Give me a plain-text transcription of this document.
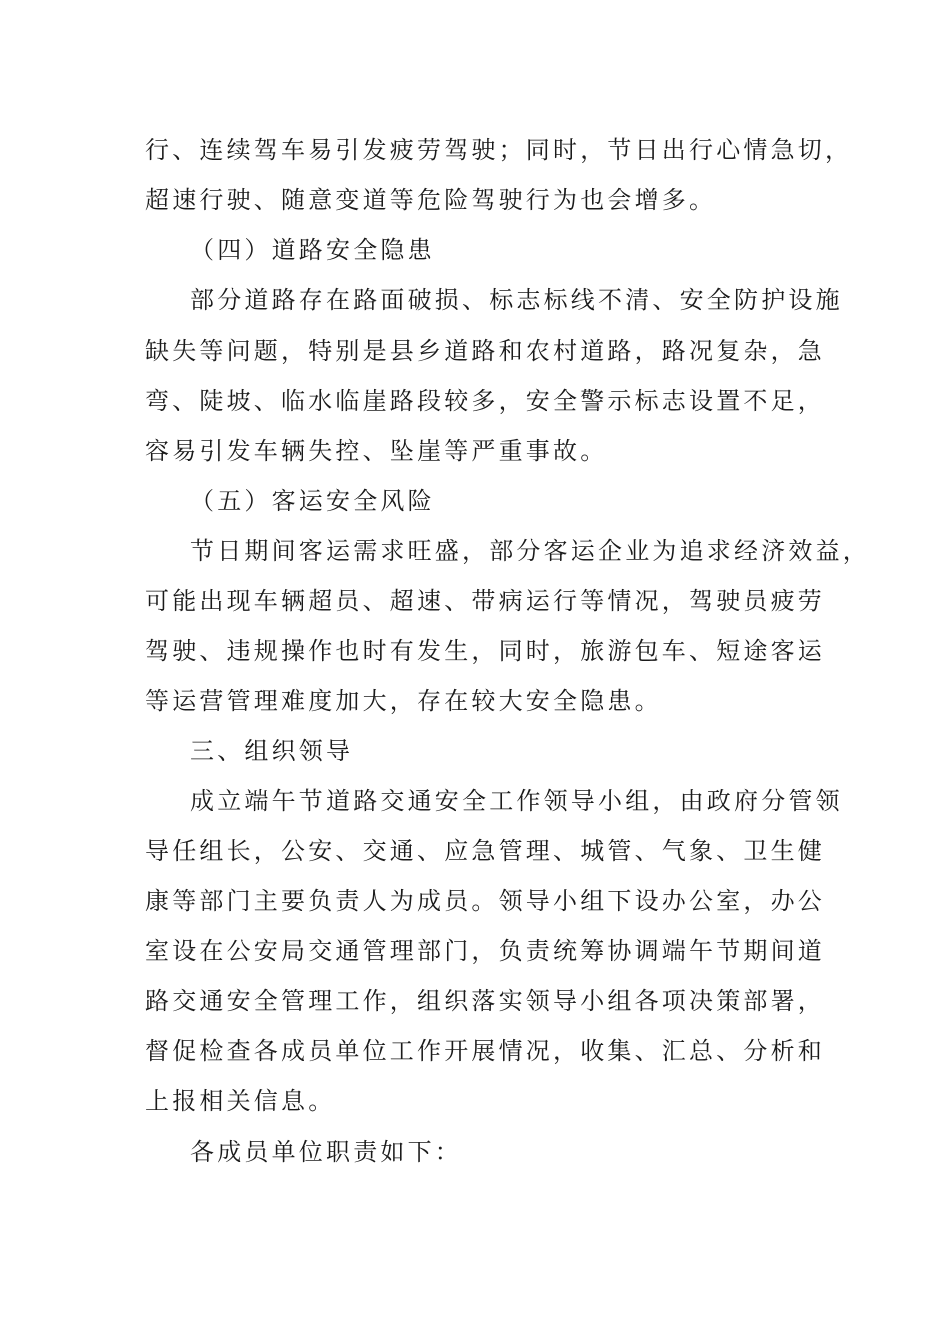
行、连续驾车易引发疲劳驾驶；同时，节日出行心情急切，
超速行驶、随意变道等危险驾驶行为也会增多。
（四）道路安全隐患
部分道路存在路面破损、标志标线不清、安全防护设施
缺失等问题，特别是县乡道路和农村道路，路况复杂，急
弯、陡坡、临水临崖路段较多，安全警示标志设置不足，
容易引发车辆失控、坠崖等严重事故。
（五）客运安全风险
节日期间客运需求旺盛，部分客运企业为追求经济效益，
可能出现车辆超员、超速、带病运行等情况，驾驶员疲劳
驾驶、违规操作也时有发生，同时，旅游包车、短途客运
等运营管理难度加大，存在较大安全隐患。
三、组织领导
成立端午节道路交通安全工作领导小组，由政府分管领
导任组长，公安、交通、应急管理、城管、气象、卫生健
康等部门主要负责人为成员。领导小组下设办公室，办公
室设在公安局交通管理部门，负责统筹协调端午节期间道
路交通安全管理工作，组织落实领导小组各项决策部署，
督促检查各成员单位工作开展情况，收集、汇总、分析和
上报相关信息。
各成员单位职责如下：
